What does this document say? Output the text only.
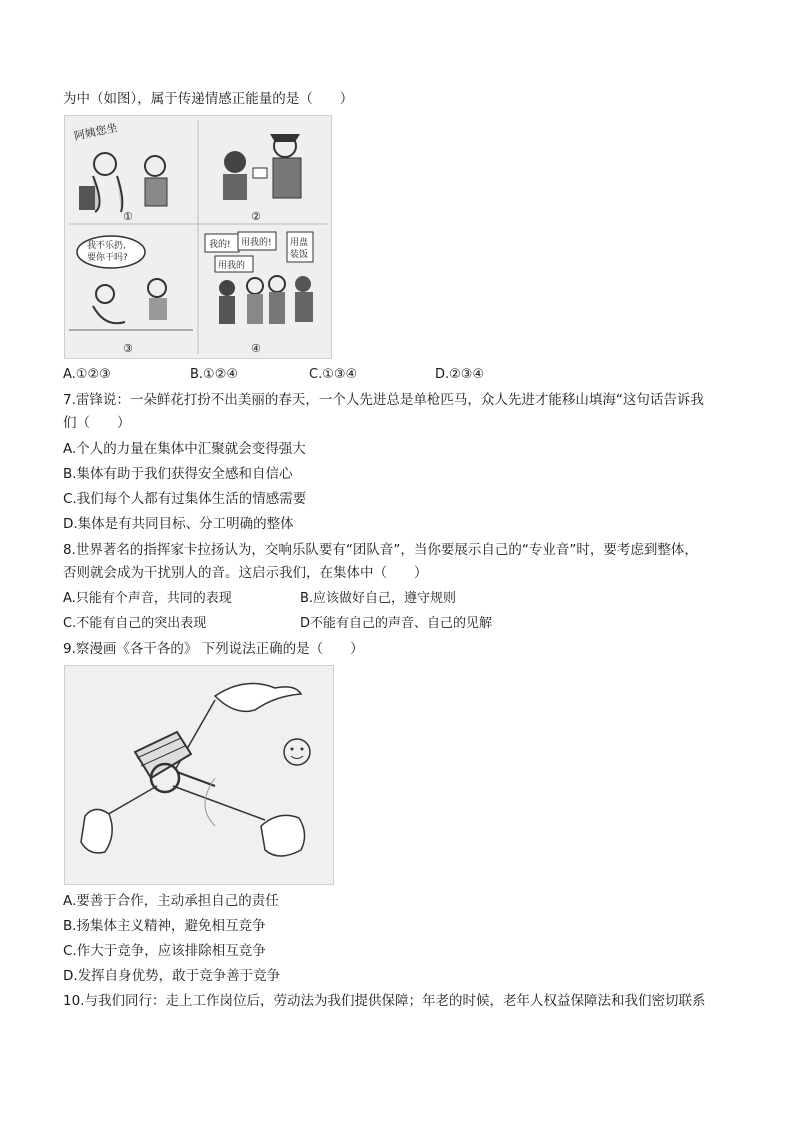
为中（如图），属于传递情感正能量的是（　　）
阿姨您坐
①	②
我不乐扔,
要你干吗?
③
我的! 用我的!
用我的
用盘
装饭
④
A.①②③	B.①②④	C.①③④	D.②③④
7.雷锋说：一朵鲜花打扮不出美丽的春天，一个人先进总是单枪匹马，众人先进才能移山填海“这句话告诉我
们（　　）
A.个人的力量在集体中汇聚就会变得强大
B.集体有助于我们获得安全感和自信心
C.我们每个人都有过集体生活的情感需要
D.集体是有共同目标、分工明确的整体
8.世界著名的指挥家卡拉扬认为，交响乐队要有“团队音”，当你要展示自己的“专业音”时，要考虑到整体，
否则就会成为干扰别人的音。这启示我们，在集体中（　　）
A.只能有个声音，共同的表现	B.应该做好自己，遵守规则
C.不能有自己的突出表现	D不能有自己的声音、自己的见解
9.察漫画《各干各的》 下列说法正确的是（　　）
A.要善于合作，主动承担自己的责任
B.扬集体主义精神，避免相互竞争
C.作大于竞争，应该排除相互竞争
D.发挥自身优势，敢于竞争善于竞争
10.与我们同行：走上工作岗位后，劳动法为我们提供保障；年老的时候，老年人权益保障法和我们密切联系
